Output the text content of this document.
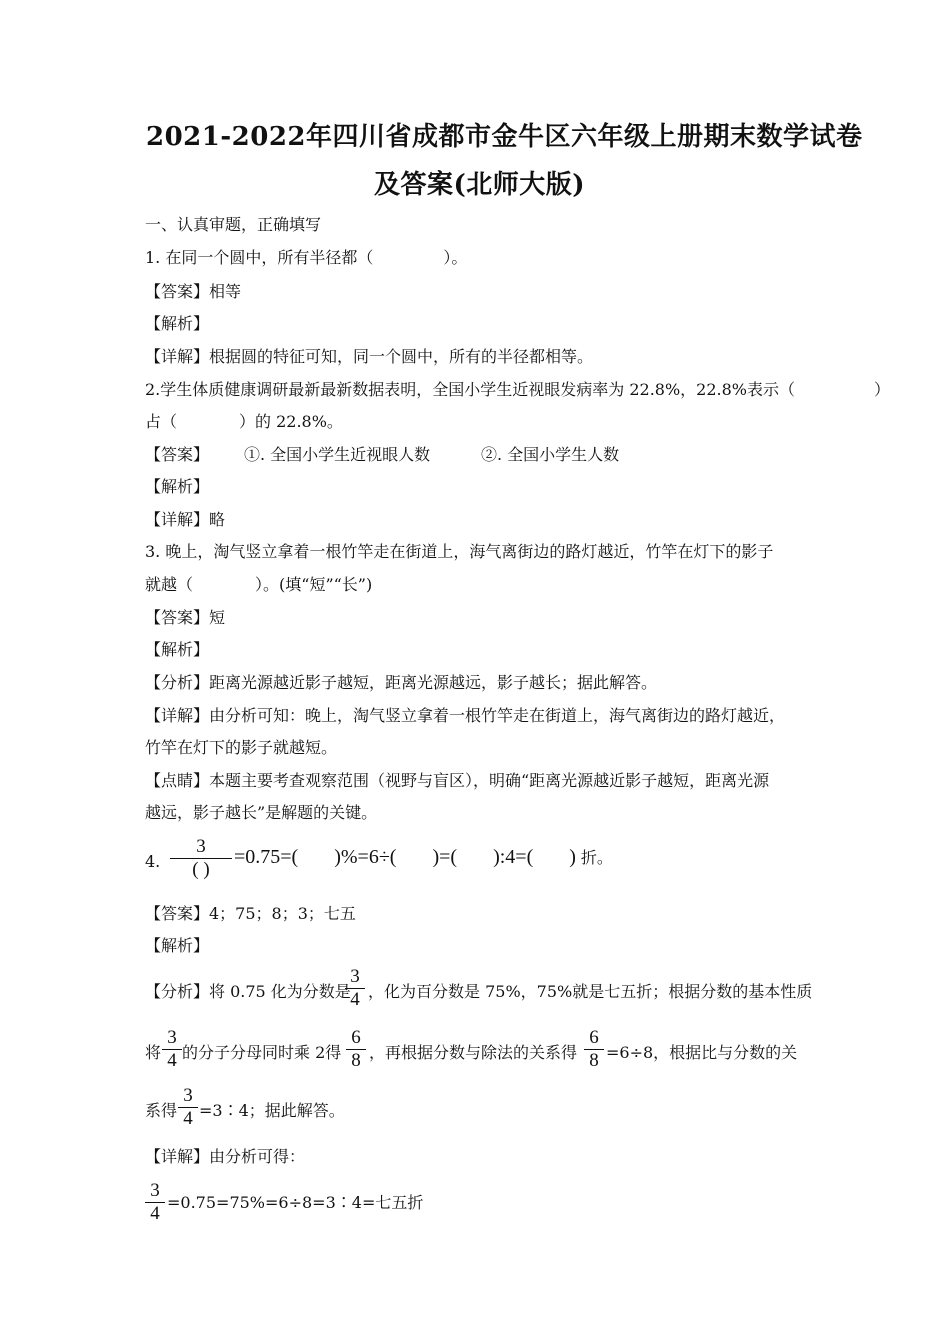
2021-2022年四川省成都市金牛区六年级上册期末数学试卷
及答案(北师大版)
一、认真审题，正确填写
1. 在同一个圆中，所有半径都（	）。
【答案】相等
【解析】
【详解】根据圆的特征可知，同一个圆中，所有的半径都相等。
2.学生体质健康调研最新最新数据表明，全国小学生近视眼发病率为 22.8%，22.8%表示（	）
占（	）的 22.8%。
【答案】 ①. 全国小学生近视眼人数	②. 全国小学生人数
【解析】
【详解】略
3. 晚上，淘气竖立拿着一根竹竿走在街道上，海气离街边的路灯越近，竹竿在灯下的影子
就越（	）。(填“短”“长”)
【答案】短
【解析】
【分析】距离光源越近影子越短，距离光源越远，影子越长；据此解答。
【详解】由分析可知：晚上，淘气竖立拿着一根竹竿走在街道上，海气离街边的路灯越近，
竹竿在灯下的影子就越短。
【点睛】本题主要考查观察范围（视野与盲区），明确“距离光源越近影子越短，距离光源
越远，影子越长”是解题的关键。
4.
3
( )
=0.75=( )%=6÷( )=( ):4=( ) 折。
【答案】4；75；8；3；七五
【解析】
【分析】将 0.75 化为分数是
3
4 ，化为百分数是 75%，75%就是七五折；根据分数的基本性质
将
3
4 的分子分母同时乘 2得
6
8 ，再根据分数与除法的关系得
6
8 =6÷8，根据比与分数的关
系得
3
4 =3∶4；据此解答。
【详解】由分析可得：
3
4
=0.75=75%=6÷8=3∶4=七五折
